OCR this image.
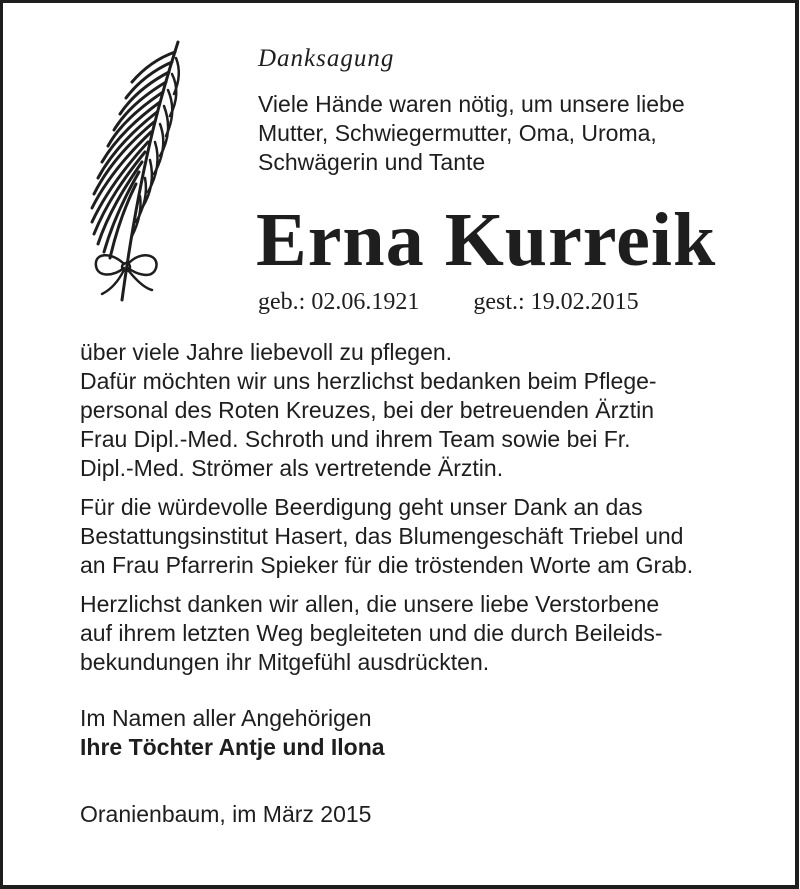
Danksagung

Viele Hände waren nötig, um unsere liebe
Mutter, Schwiegermutter, Oma, Uroma,
Schwägerin und Tante

Erna Kurreik
geb.: 02.06.1921 gest.: 19.02.2015

über viele Jahre liebevoll zu pflegen.
Dafür möchten wir uns herzlichst bedanken beim Pflege-
personal des Roten Kreuzes, bei der betreuenden Ärztin
Frau Dipl.-Med. Schroth und ihrem Team sowie bei Fr.
Dipl.-Med. Strömer als vertretende Ärztin.

Für die würdevolle Beerdigung geht unser Dank an das
Bestattungsinstitut Hasert, das Blumengeschäft Triebel und
an Frau Pfarrerin Spieker für die tröstenden Worte am Grab.

Herzlichst danken wir allen, die unsere liebe Verstorbene
auf ihrem letzten Weg begleiteten und die durch Beileids-
bekundungen ihr Mitgefühl ausdrückten.

Im Namen aller Angehörigen
Ihre Töchter Antje und Ilona
Oranienbaum, im März 2015
